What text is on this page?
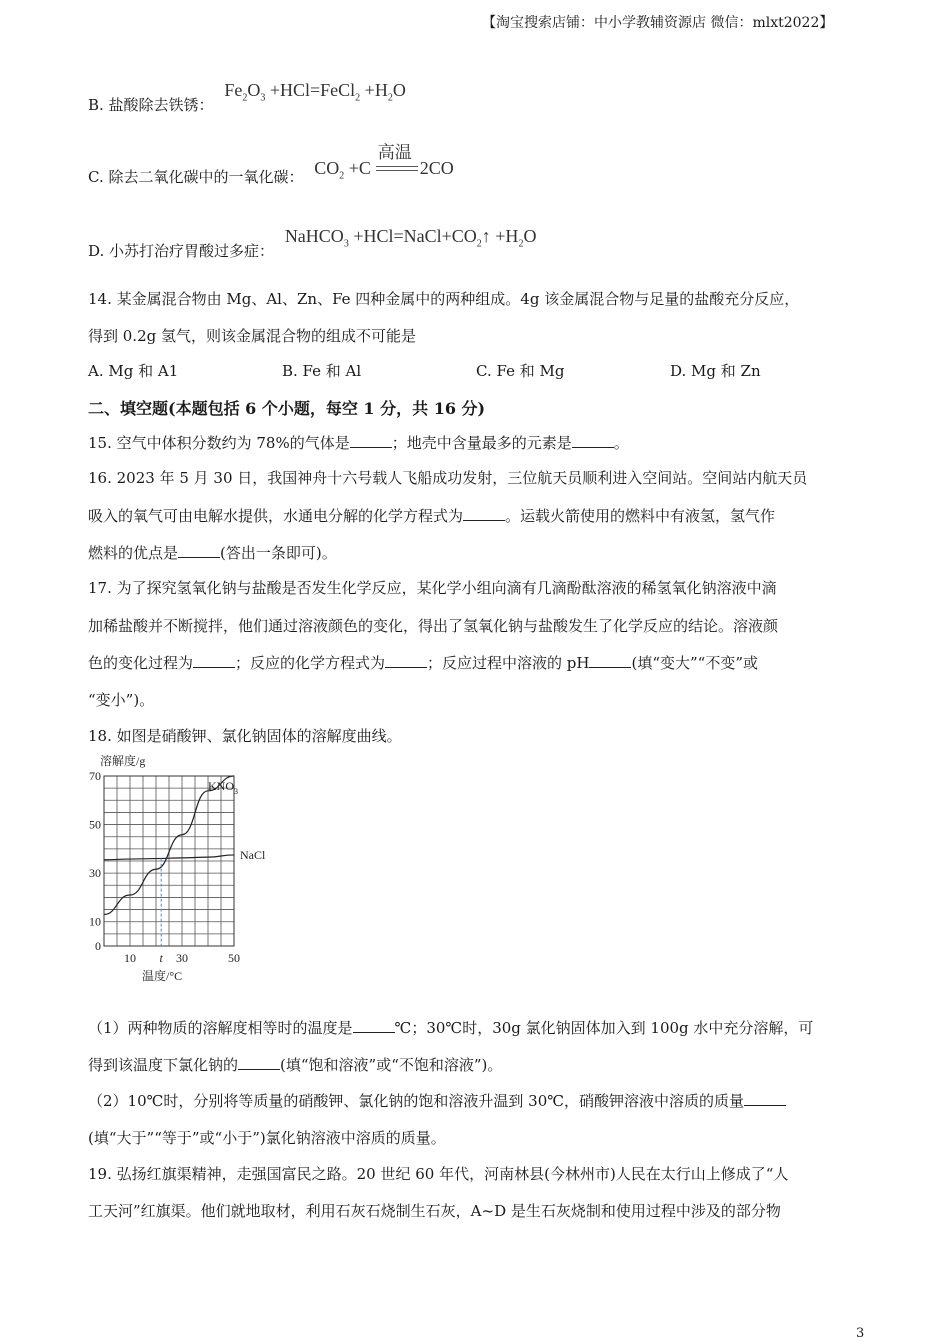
【淘宝搜索店铺：中小学教辅资源店 微信：mlxt2022】
B. 盐酸除去铁锈： $Fe_2O_3$ +HCl=FeCl$_2$ $+H_2O$
C. 除去二氧化碳中的一氧化碳： $CO_2 +C$
高温
2CO
D. 小苏打治疗胃酸过多症： NaHCO$_3$ $+HCl=NaCl+CO_2↑ +H_2O$
14. 某金属混合物由 Mg、Al、Zn、Fe 四种金属中的两种组成。4g 该金属混合物与足量的盐酸充分反应，
得到 0.2g 氢气，则该金属混合物的组成不可能是
A. Mg 和 A1	B. Fe 和 Al	C. Fe 和 Mg	D. Mg 和 Zn
二、填空题(本题包括 6 个小题，每空 1 分，共 16 分)
15. 空气中体积分数约为 78%的气体是	；地壳中含量最多的元素是	。
16. 2023 年 5 月 30 日，我国神舟十六号载人飞船成功发射，三位航天员顺利进入空间站。空间站内航天员
吸入的氧气可由电解水提供，水通电分解的化学方程式为	。运载火箭使用的燃料中有液氢，氢气作
燃料的优点是	(答出一条即可)。
17. 为了探究氢氧化钠与盐酸是否发生化学反应，某化学小组向滴有几滴酚酞溶液的稀氢氧化钠溶液中滴
加稀盐酸并不断搅拌，他们通过溶液颜色的变化，得出了氢氧化钠与盐酸发生了化学反应的结论。溶液颜
色的变化过程为	；反应的化学方程式为	；反应过程中溶液的 pH	(填“变大”“不变”或
“变小”)。
18. 如图是硝酸钾、氯化钠固体的溶解度曲线。
0
10
30
50
70
10 t 30	50
溶解度/g
温度/°C
$KNO_3$
NaCl
（1）两种物质的溶解度相等时的温度是	℃；30℃时，30g 氯化钠固体加入到 100g 水中充分溶解，可
得到该温度下氯化钠的	(填“饱和溶液”或“不饱和溶液”)。
（2）10℃时，分别将等质量的硝酸钾、氯化钠的饱和溶液升温到 30℃，硝酸钾溶液中溶质的质量
(填“大于”“等于”或“小于”)氯化钠溶液中溶质的质量。
19. 弘扬红旗渠精神，走强国富民之路。20 世纪 60 年代，河南林县(今林州市)人民在太行山上修成了“人
工天河”红旗渠。他们就地取材，利用石灰石烧制生石灰，A~D 是生石灰烧制和使用过程中涉及的部分物
3
